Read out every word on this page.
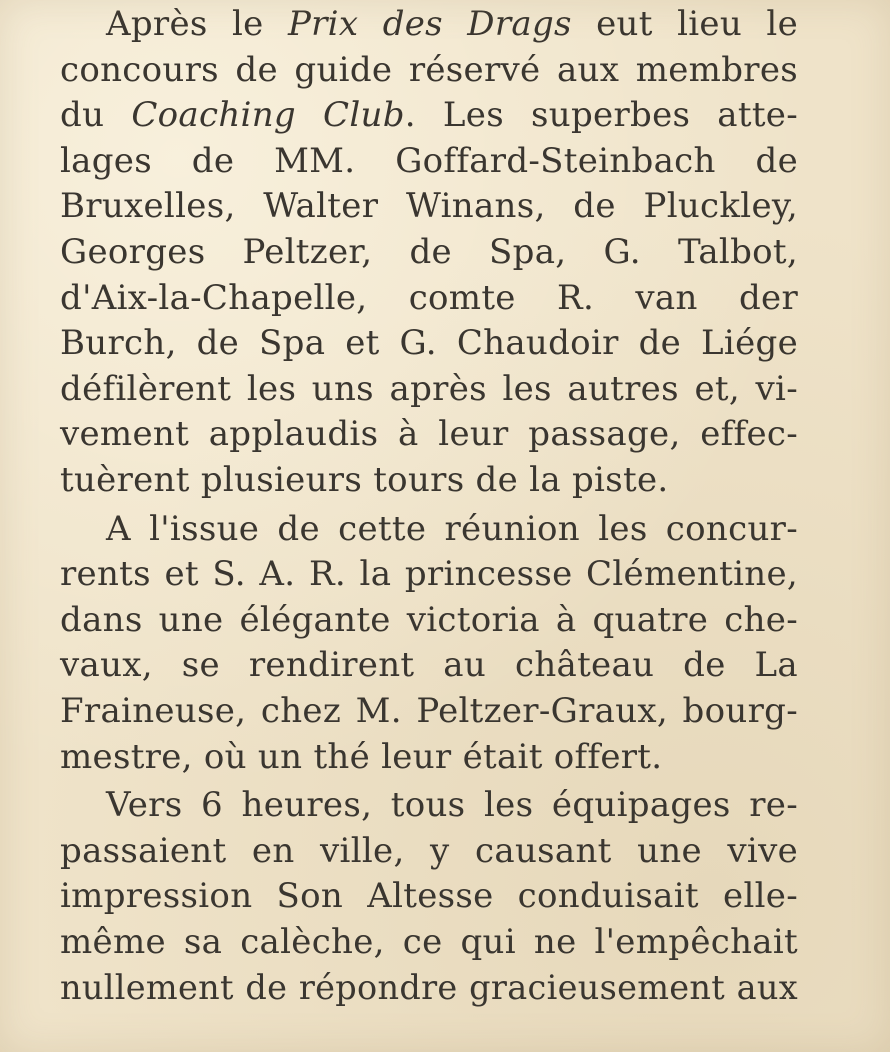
Après le Prix des Drags eut lieu le
concours de guide réservé aux membres
du Coaching Club. Les superbes atte-
lages de MM. Goffard-Steinbach de
Bruxelles, Walter Winans, de Pluckley,
Georges Peltzer, de Spa, G. Talbot,
d'Aix-la-Chapelle, comte R. van der
Burch, de Spa et G. Chaudoir de Liége
défilèrent les uns après les autres et, vi-
vement applaudis à leur passage, effec-
tuèrent plusieurs tours de la piste.
A l'issue de cette réunion les concur-
rents et S. A. R. la princesse Clémentine,
dans une élégante victoria à quatre che-
vaux, se rendirent au château de La
Fraineuse, chez M. Peltzer-Graux, bourg-
mestre, où un thé leur était offert.
Vers 6 heures, tous les équipages re-
passaient en ville, y causant une vive
impression Son Altesse conduisait elle-
même sa calèche, ce qui ne l'empêchait
nullement de répondre gracieusement aux
